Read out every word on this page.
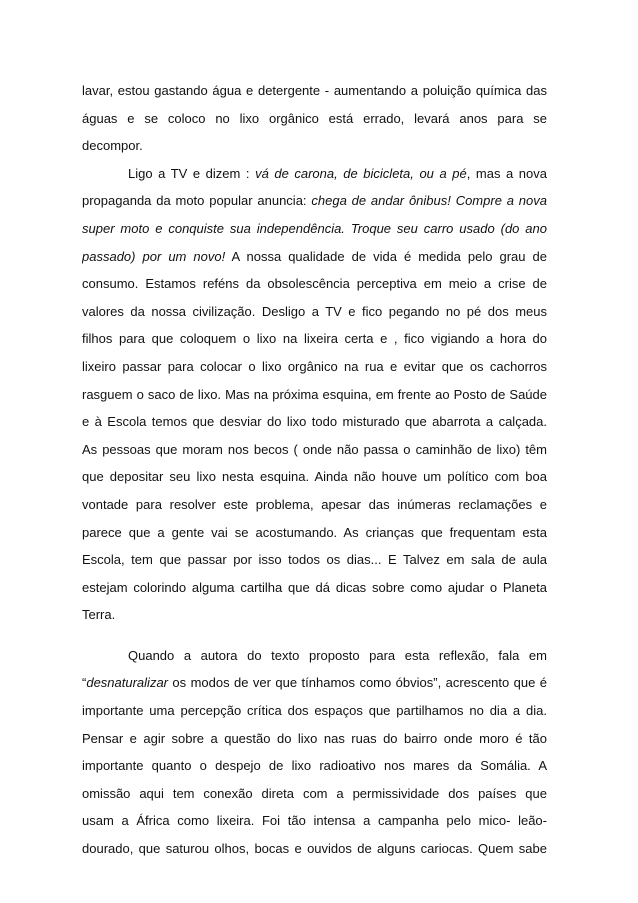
lavar, estou gastando água e detergente - aumentando a poluição química das
águas e se coloco no lixo orgânico está errado, levará anos para se
decompor.
Ligo a TV e dizem : vá de carona, de bicicleta, ou a pé, mas a nova
propaganda da moto popular anuncia: chega de andar ônibus! Compre a nova
super moto e conquiste sua independência. Troque seu carro usado (do ano
passado) por um novo! A nossa qualidade de vida é medida pelo grau de
consumo. Estamos reféns da obsolescência perceptiva em meio a crise de
valores da nossa civilização. Desligo a TV e fico pegando no pé dos meus
filhos para que coloquem o lixo na lixeira certa e , fico vigiando a hora do
lixeiro passar para colocar o lixo orgânico na rua e evitar que os cachorros
rasguem o saco de lixo. Mas na próxima esquina, em frente ao Posto de Saúde
e à Escola temos que desviar do lixo todo misturado que abarrota a calçada.
As pessoas que moram nos becos ( onde não passa o caminhão de lixo) têm
que depositar seu lixo nesta esquina. Ainda não houve um político com boa
vontade para resolver este problema, apesar das inúmeras reclamações e
parece que a gente vai se acostumando. As crianças que frequentam esta
Escola, tem que passar por isso todos os dias... E Talvez em sala de aula
estejam colorindo alguma cartilha que dá dicas sobre como ajudar o Planeta
Terra.
Quando a autora do texto proposto para esta reflexão, fala em
“desnaturalizar os modos de ver que tínhamos como óbvios”, acrescento que é
importante uma percepção crítica dos espaços que partilhamos no dia a dia.
Pensar e agir sobre a questão do lixo nas ruas do bairro onde moro é tão
importante quanto o despejo de lixo radioativo nos mares da Somália. A
omissão aqui tem conexão direta com a permissividade dos países que
usam a África como lixeira. Foi tão intensa a campanha pelo mico- leão-
dourado, que saturou olhos, bocas e ouvidos de alguns cariocas. Quem sabe
